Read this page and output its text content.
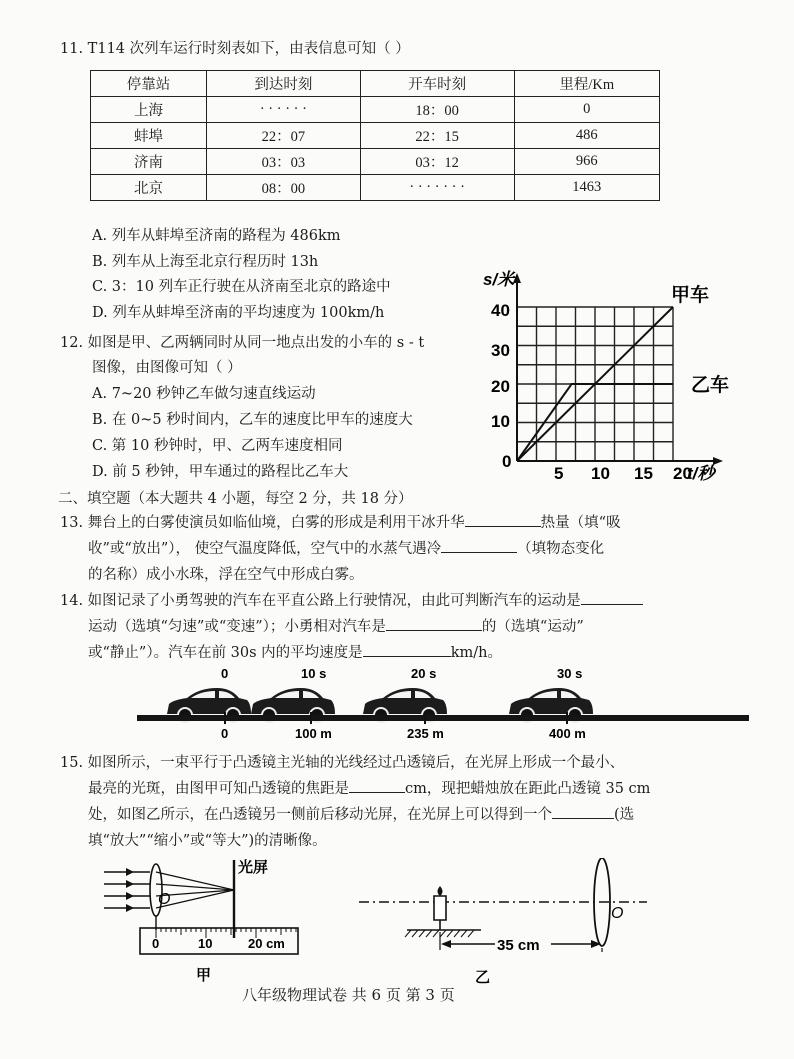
11. T114 次列车运行时刻表如下，由表信息可知（ ）
停靠站	到达时刻	开车时刻	里程/Km
上海	· · · · · ·	18：00	0
蚌埠	22：07	22：15	486
济南	03：03	03：12	966
北京	08：00	· · · · · · ·	1463
A. 列车从蚌埠至济南的路程为 486km
B. 列车从上海至北京行程历时 13h
C. 3：10 列车正行驶在从济南至北京的路途中
D. 列车从蚌埠至济南的平均速度为 100km/h
12. 如图是甲、乙两辆同时从同一地点出发的小车的 s - t
图像，由图像可知（ ）
A. 7~20 秒钟乙车做匀速直线运动
B. 在 0~5 秒时间内，乙车的速度比甲车的速度大
C. 第 10 秒钟时，甲、乙两车速度相同
D. 前 5 秒钟，甲车通过的路程比乙车大
s/米
t/秒
40
30
20
10
0
5 10 15 20
甲车
乙车
二、填空题（本大题共 4 小题，每空 2 分，共 18 分）
13. 舞台上的白雾使演员如临仙境，白雾的形成是利用干冰升华	热量（填“吸
收”或“放出”）， 使空气温度降低，空气中的水蒸气遇冷	（填物态变化
的名称）成小水珠，浮在空气中形成白雾。
14. 如图记录了小勇驾驶的汽车在平直公路上行驶情况，由此可判断汽车的运动是
运动（选填“匀速”或“变速”）；小勇相对汽车是	的（选填“运动”
或“静止”）。汽车在前 30s 内的平均速度是	km/h。
0	10 s	20 s	30 s
0	100 m	235 m	400 m
15. 如图所示，一束平行于凸透镜主光轴的光线经过凸透镜后，在光屏上形成一个最小、
最亮的光斑，由图甲可知凸透镜的焦距是	cm，现把蜡烛放在距此凸透镜 35 cm
处，如图乙所示，在凸透镜另一侧前后移动光屏，在光屏上可以得到一个	(选
填“放大”“缩小”或“等大”)的清晰像。
光屏
O
0	10	20 cm
甲
O
35 cm
乙
八年级物理试卷 共 6 页 第 3 页
